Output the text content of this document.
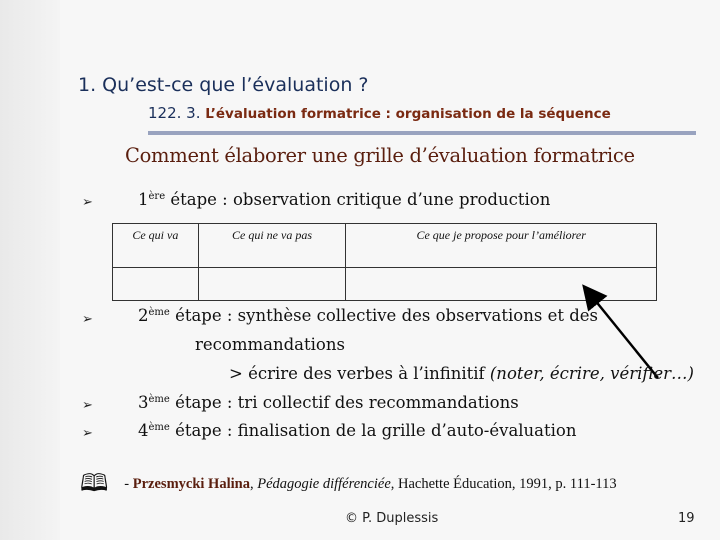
1. Qu’est-ce que l’évaluation ?
122. 3. L’évaluation formatrice : organisation de la séquence
Comment élaborer une grille d’évaluation formatrice
➢	1ère étape : observation critique d’une production
Ce qui va	Ce qui ne va pas	Ce que je propose pour l’améliorer

➢	2ème étape : synthèse collective des observations et des
recommandations
> écrire des verbes à l’infinitif (noter, écrire, vérifier…)
➢	3ème étape : tri collectif des recommandations
➢	4ème étape : finalisation de la grille d’auto-évaluation
🕮 - Przesmycki Halina, Pédagogie différenciée, Hachette Éducation, 1991, p. 111-113
© P. Duplessis	19
